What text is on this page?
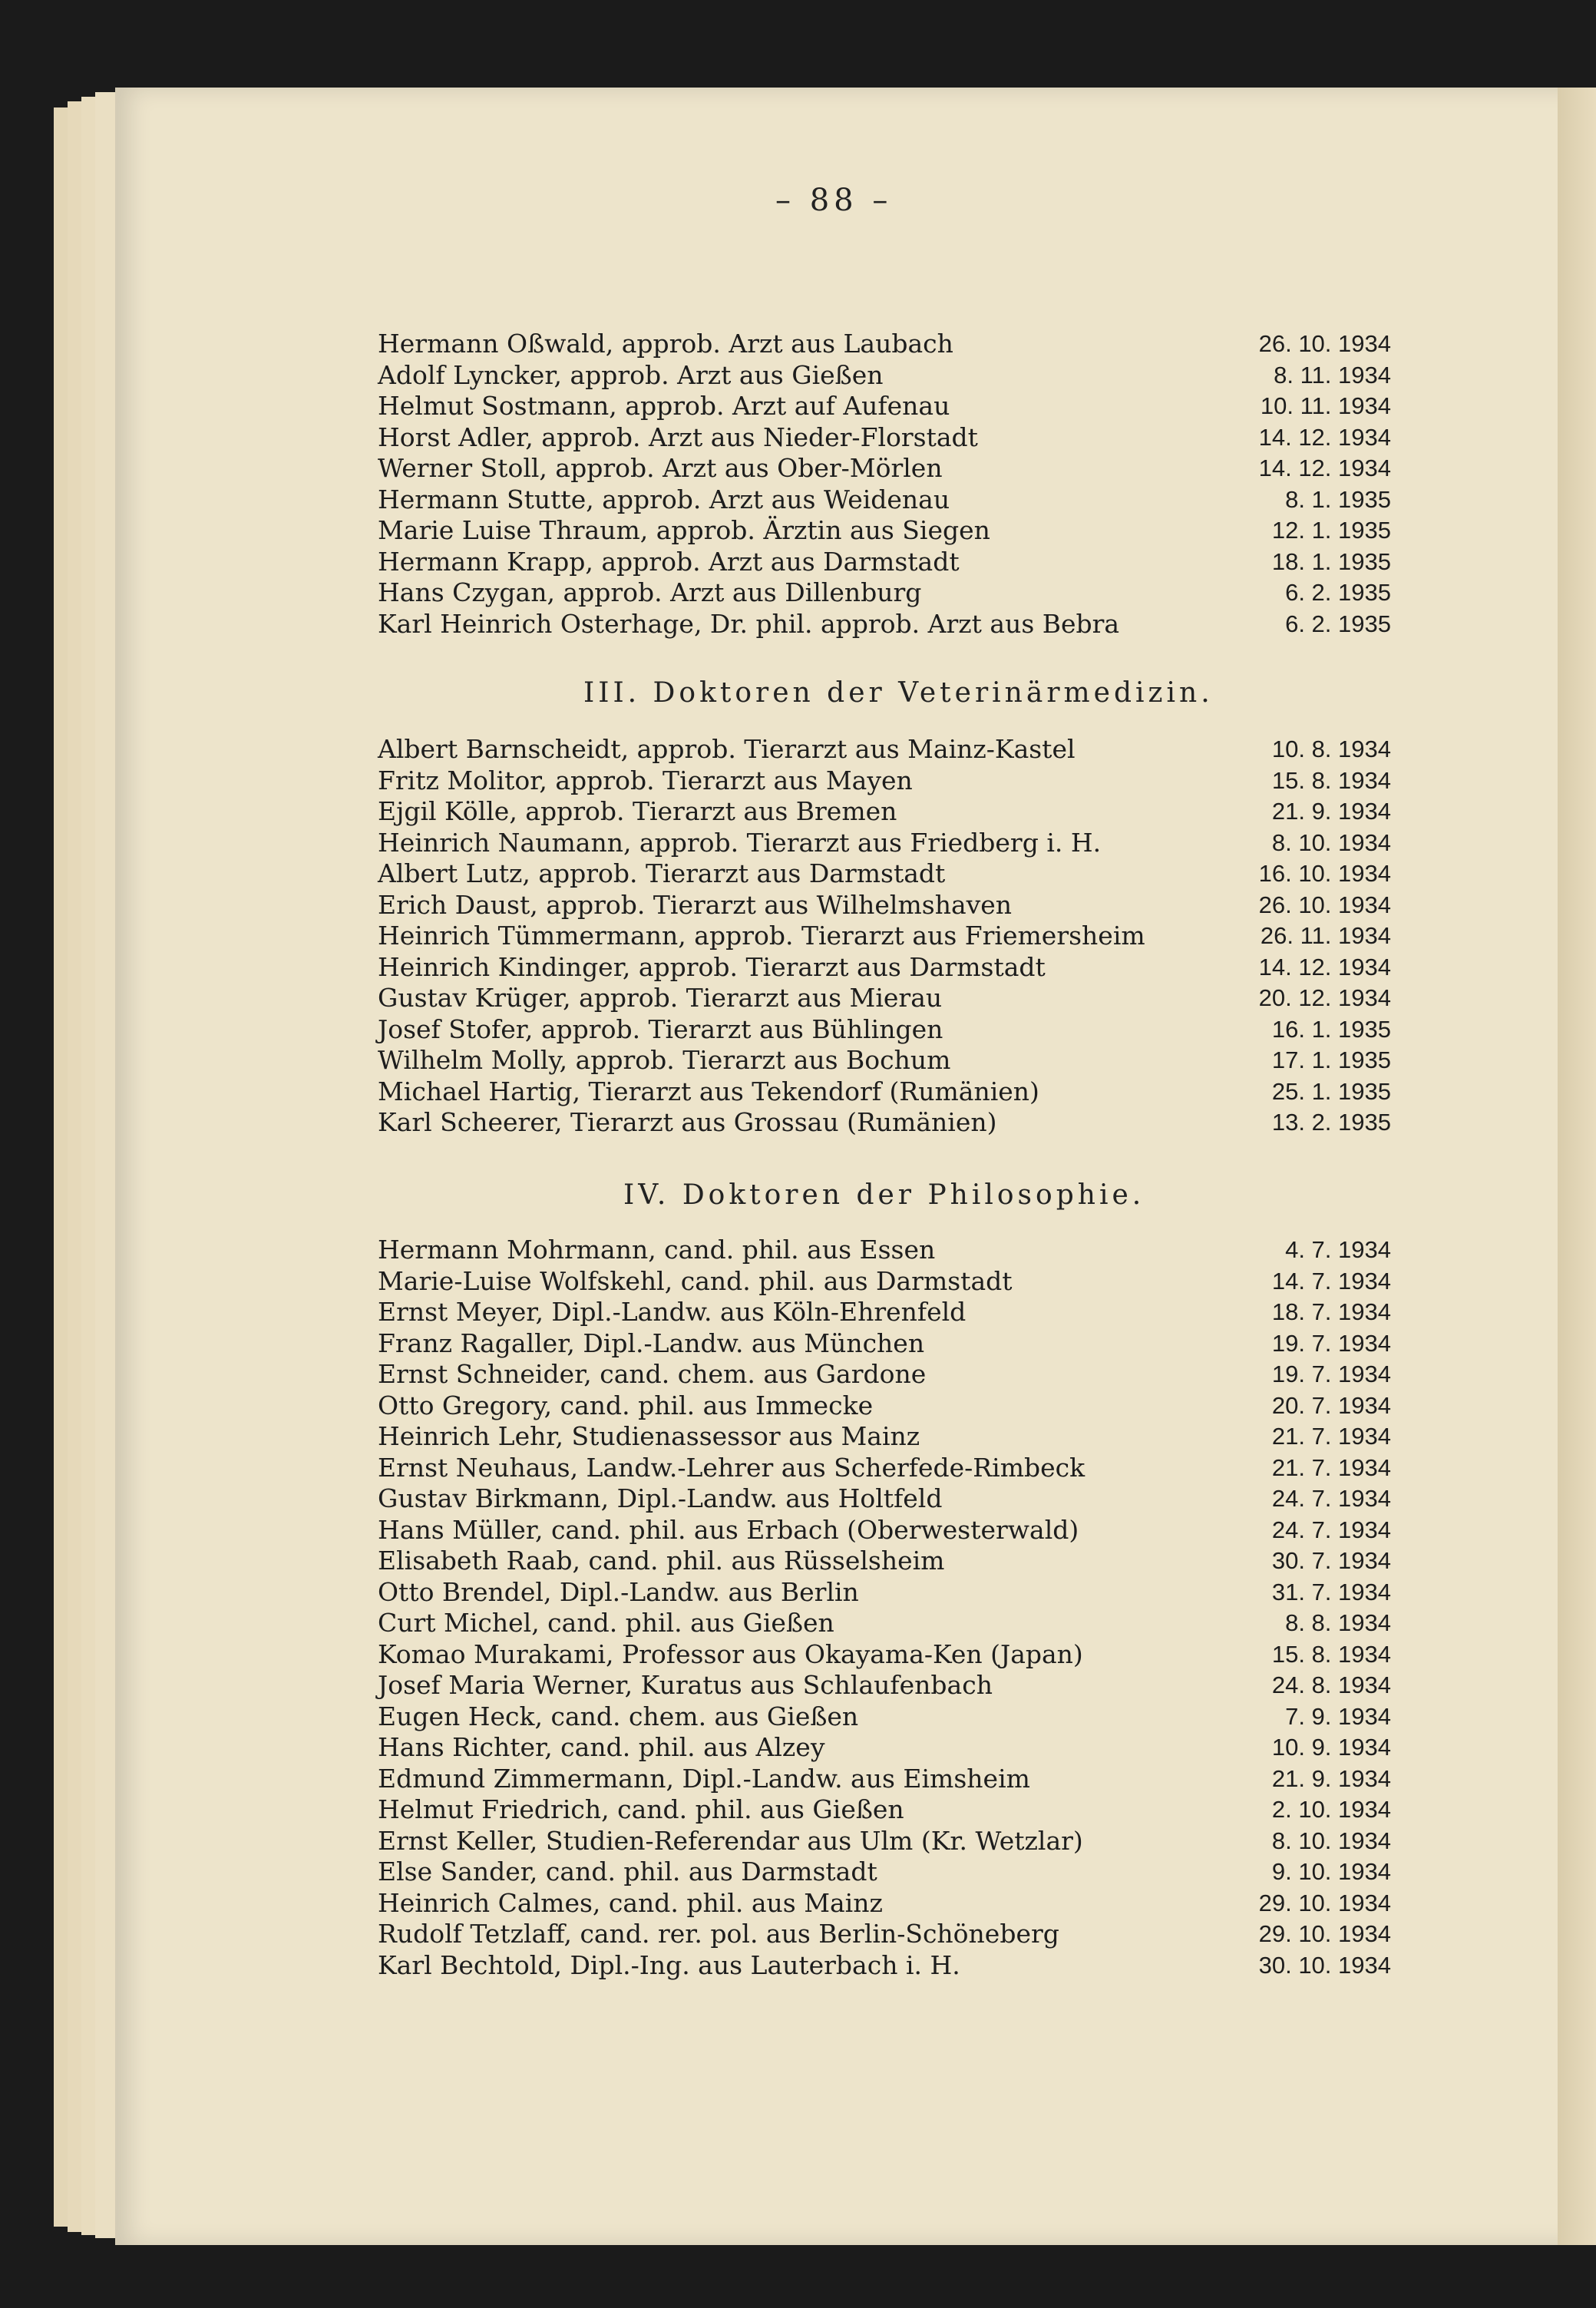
– 88 –
Hermann Oßwald, approb. Arzt aus Laubach	26. 10. 1934
Adolf Lyncker, approb. Arzt aus Gießen	8. 11. 1934
Helmut Sostmann, approb. Arzt auf Aufenau	10. 11. 1934
Horst Adler, approb. Arzt aus Nieder-Florstadt	14. 12. 1934
Werner Stoll, approb. Arzt aus Ober-Mörlen	14. 12. 1934
Hermann Stutte, approb. Arzt aus Weidenau	8. 1. 1935
Marie Luise Thraum, approb. Ärztin aus Siegen	12. 1. 1935
Hermann Krapp, approb. Arzt aus Darmstadt	18. 1. 1935
Hans Czygan, approb. Arzt aus Dillenburg	6. 2. 1935
Karl Heinrich Osterhage, Dr. phil. approb. Arzt aus Bebra	6. 2. 1935
III. Doktoren der Veterinärmedizin.
Albert Barnscheidt, approb. Tierarzt aus Mainz-Kastel	10. 8. 1934
Fritz Molitor, approb. Tierarzt aus Mayen	15. 8. 1934
Ejgil Kölle, approb. Tierarzt aus Bremen	21. 9. 1934
Heinrich Naumann, approb. Tierarzt aus Friedberg i. H.	8. 10. 1934
Albert Lutz, approb. Tierarzt aus Darmstadt	16. 10. 1934
Erich Daust, approb. Tierarzt aus Wilhelmshaven	26. 10. 1934
Heinrich Tümmermann, approb. Tierarzt aus Friemersheim	26. 11. 1934
Heinrich Kindinger, approb. Tierarzt aus Darmstadt	14. 12. 1934
Gustav Krüger, approb. Tierarzt aus Mierau	20. 12. 1934
Josef Stofer, approb. Tierarzt aus Bühlingen	16. 1. 1935
Wilhelm Molly, approb. Tierarzt aus Bochum	17. 1. 1935
Michael Hartig, Tierarzt aus Tekendorf (Rumänien)	25. 1. 1935
Karl Scheerer, Tierarzt aus Grossau (Rumänien)	13. 2. 1935
IV. Doktoren der Philosophie.
Hermann Mohrmann, cand. phil. aus Essen	4. 7. 1934
Marie-Luise Wolfskehl, cand. phil. aus Darmstadt	14. 7. 1934
Ernst Meyer, Dipl.-Landw. aus Köln-Ehrenfeld	18. 7. 1934
Franz Ragaller, Dipl.-Landw. aus München	19. 7. 1934
Ernst Schneider, cand. chem. aus Gardone	19. 7. 1934
Otto Gregory, cand. phil. aus Immecke	20. 7. 1934
Heinrich Lehr, Studienassessor aus Mainz	21. 7. 1934
Ernst Neuhaus, Landw.-Lehrer aus Scherfede-Rimbeck	21. 7. 1934
Gustav Birkmann, Dipl.-Landw. aus Holtfeld	24. 7. 1934
Hans Müller, cand. phil. aus Erbach (Oberwesterwald)	24. 7. 1934
Elisabeth Raab, cand. phil. aus Rüsselsheim	30. 7. 1934
Otto Brendel, Dipl.-Landw. aus Berlin	31. 7. 1934
Curt Michel, cand. phil. aus Gießen	8. 8. 1934
Komao Murakami, Professor aus Okayama-Ken (Japan)	15. 8. 1934
Josef Maria Werner, Kuratus aus Schlaufenbach	24. 8. 1934
Eugen Heck, cand. chem. aus Gießen	7. 9. 1934
Hans Richter, cand. phil. aus Alzey	10. 9. 1934
Edmund Zimmermann, Dipl.-Landw. aus Eimsheim	21. 9. 1934
Helmut Friedrich, cand. phil. aus Gießen	2. 10. 1934
Ernst Keller, Studien-Referendar aus Ulm (Kr. Wetzlar)	8. 10. 1934
Else Sander, cand. phil. aus Darmstadt	9. 10. 1934
Heinrich Calmes, cand. phil. aus Mainz	29. 10. 1934
Rudolf Tetzlaff, cand. rer. pol. aus Berlin-Schöneberg	29. 10. 1934
Karl Bechtold, Dipl.-Ing. aus Lauterbach i. H.	30. 10. 1934
